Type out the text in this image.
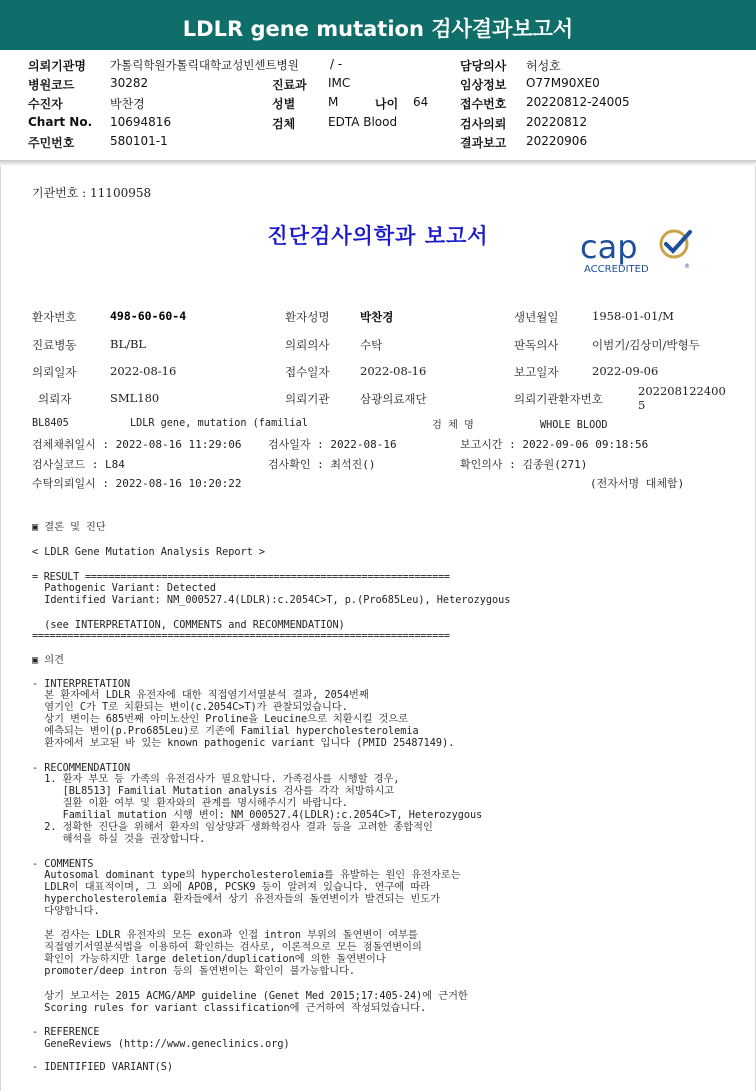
LDLR gene mutation 검사결과보고서
의뢰기관명 가톨릭학원가톨릭대학교성빈센트병원	/ -	담당의사 허성호
병원코드	30282	진료과 IMC	임상정보 O77M90XE0
수진자	박찬경	성별	M	나이 64	접수번호 20220812-24005
Chart No. 10694816	검체	EDTA Blood	검사의뢰 20220812
주민번호	580101-1	결과보고 20220906
기관번호 : 11100958
진단검사의학과 보고서	cap
ACCREDITED	®
환자번호	498-60-60-4	환자성명	박찬경	생년월일	1958-01-01/M
진료병동	BL/BL	의뢰의사	수탁	판독의사	이범기/김상미/박형두
의뢰일자	2022-08-16	접수일자	2022-08-16	보고일자	2022-09-06
의뢰자	SML180	의뢰기관	삼광의료재단	의뢰기관환자번호
202208122400
5
BL8405	LDLR gene, mutation (familial	검 체 명	WHOLE BLOOD
검체채취일시 : 2022-08-16 11:29:06 검사일자 : 2022-08-16	보고시간 : 2022-09-06 09:18:56
검사실코드 : L84	검사확인 : 최석진()	확인의사 : 김종원(271)
수탁의뢰일시 : 2022-08-16 10:20:22	(전자서명 대체함)
▣ 결론 및 진단
< LDLR Gene Mutation Analysis Report >
= RESULT ==============================================================
Pathogenic Variant: Detected
Identified Variant: NM_000527.4(LDLR):c.2054C>T, p.(Pro685Leu), Heterozygous
(see INTERPRETATION, COMMENTS and RECOMMENDATION)
=======================================================================
▣ 의견
- INTERPRETATION
본 환자에서 LDLR 유전자에 대한 직접염기서열분석 결과, 2054번째
염기인 C가 T로 치환되는 변이(c.2054C>T)가 관찰되었습니다.
상기 변이는 685번째 아미노산인 Proline을 Leucine으로 치환시킬 것으로
예측되는 변이(p.Pro685Leu)로 기존에 Familial hypercholesterolemia
환자에서 보고된 바 있는 known pathogenic variant 입니다 (PMID 25487149).
- RECOMMENDATION
1. 환자 부모 등 가족의 유전검사가 필요합니다. 가족검사를 시행할 경우,
[BL8513] Familial Mutation analysis 검사를 각각 처방하시고
질환 이환 여부 및 환자와의 관계를 명시해주시기 바랍니다.
Familial mutation 시행 변이: NM_000527.4(LDLR):c.2054C>T, Heterozygous
2. 정확한 진단을 위해서 환자의 임상양과 생화학검사 결과 등을 고려한 종합적인
해석을 하실 것을 권장합니다.
- COMMENTS
Autosomal dominant type의 hypercholesterolemia를 유발하는 원인 유전자로는
LDLR이 대표적이며, 그 외에 APOB, PCSK9 등이 알려져 있습니다. 연구에 따라
hypercholesterolemia 환자들에서 상기 유전자들의 돌연변이가 발견되는 빈도가
다양합니다.
본 검사는 LDLR 유전자의 모든 exon과 인접 intron 부위의 돌연변이 여부를
직접염기서열분석법을 이용하여 확인하는 검사로, 이론적으로 모든 점돌연변이의
확인이 가능하지만 large deletion/duplication에 의한 돌연변이나
promoter/deep intron 등의 돌연변이는 확인이 불가능합니다.
상기 보고서는 2015 ACMG/AMP guideline (Genet Med 2015;17:405-24)에 근거한
Scoring rules for variant classification에 근거하여 작성되었습니다.
- REFERENCE
GeneReviews (http://www.geneclinics.org)
- IDENTIFIED VARIANT(S)
